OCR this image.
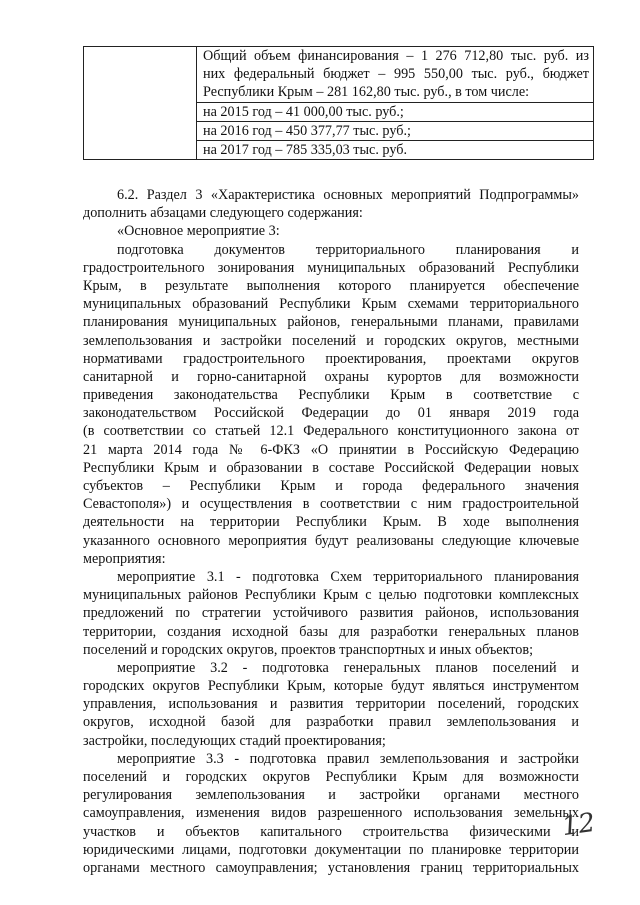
Общий объем финансирования – 1 276 712,80 тыс. руб. из
них федеральный бюджет – 995 550,00 тыс. руб., бюджет
Республики Крым – 281 162,80 тыс. руб., в том числе:
на 2015 год – 41 000,00 тыс. руб.;
на 2016 год – 450 377,77 тыс. руб.;
на 2017 год – 785 335,03 тыс. руб.
6.2. Раздел 3 «Характеристика основных мероприятий Подпрограммы»
дополнить абзацами следующего содержания:
«Основное мероприятие 3:
подготовка документов территориального планирования и
градостроительного зонирования муниципальных образований Республики
Крым, в результате выполнения которого планируется обеспечение
муниципальных образований Республики Крым схемами территориального
планирования муниципальных районов, генеральными планами, правилами
землепользования и застройки поселений и городских округов, местными
нормативами градостроительного проектирования, проектами округов
санитарной и горно-санитарной охраны курортов для возможности
приведения законодательства Республики Крым в соответствие с
законодательством Российской Федерации до 01 января 2019 года
(в соответствии со статьей 12.1 Федерального конституционного закона от
21 марта 2014 года № 6-ФКЗ «О принятии в Российскую Федерацию
Республики Крым и образовании в составе Российской Федерации новых
субъектов – Республики Крым и города федерального значения
Севастополя») и осуществления в соответствии с ним градостроительной
деятельности на территории Республики Крым. В ходе выполнения
указанного основного мероприятия будут реализованы следующие ключевые
мероприятия:
мероприятие 3.1 - подготовка Схем территориального планирования
муниципальных районов Республики Крым с целью подготовки комплексных
предложений по стратегии устойчивого развития районов, использования
территории, создания исходной базы для разработки генеральных планов
поселений и городских округов, проектов транспортных и иных объектов;
мероприятие 3.2 - подготовка генеральных планов поселений и
городских округов Республики Крым, которые будут являться инструментом
управления, использования и развития территории поселений, городских
округов, исходной базой для разработки правил землепользования и
застройки, последующих стадий проектирования;
мероприятие 3.3 - подготовка правил землепользования и застройки
поселений и городских округов Республики Крым для возможности
регулирования землепользования и застройки органами местного
самоуправления, изменения видов разрешенного использования земельных
участков и объектов капитального строительства физическими и
юридическими лицами, подготовки документации по планировке территории
органами местного самоуправления; установления границ территориальных
12
